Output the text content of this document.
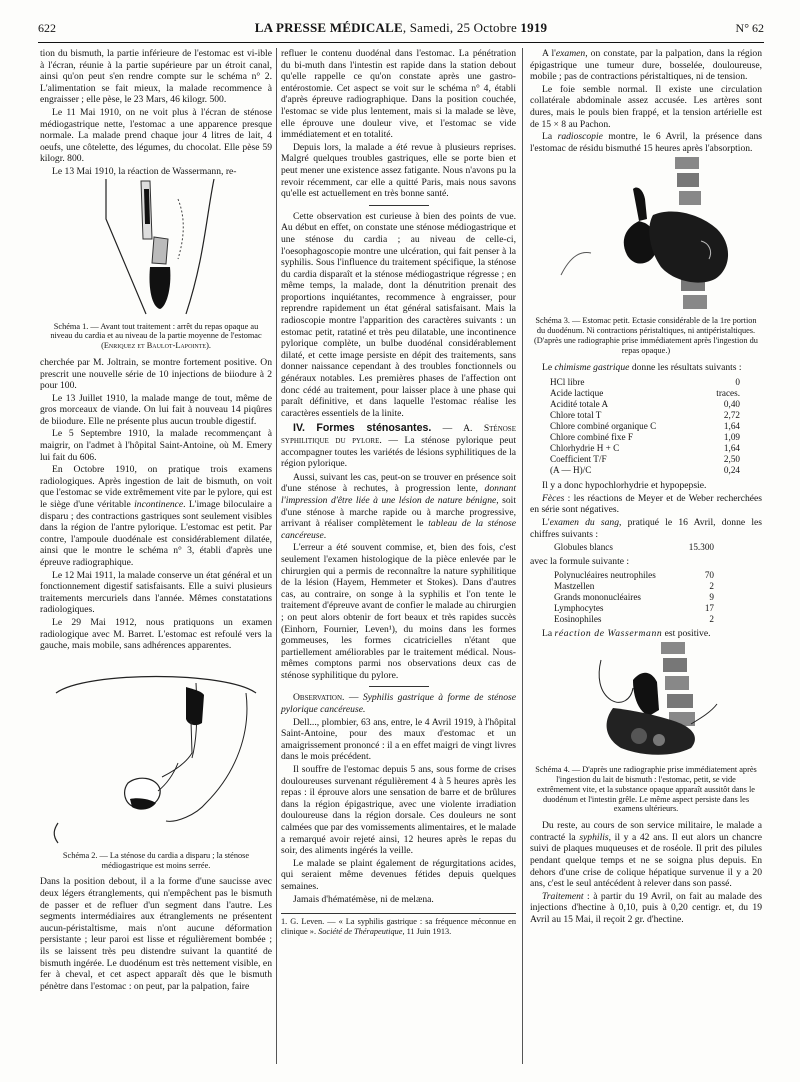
622	LA PRESSE MÉDICALE, Samedi, 25 Octobre 1919	N° 62

tion du bismuth, la partie inférieure de l'estomac est vi-ible à l'écran, réunie à la partie supérieure par un étroit canal, ainsi qu'on peut s'en rendre compte sur le schéma n° 2. L'alimentation se fait mieux, la malade recommence à engraisser ; elle pèse, le 23 Mars, 46 kilogr. 500.

Le 11 Mai 1910, on ne voit plus à l'écran de sténose médiogastrique nette, l'estomac a une apparence presque normale. La malade prend chaque jour 4 litres de lait, 4 oeufs, une côtelette, des légumes, du chocolat. Elle pèse 59 kilogr. 800.

Le 13 Mai 1910, la réaction de Wassermann, re-

Schéma 1. — Avant tout traitement : arrêt du repas opaque au niveau du cardia et au niveau de la partie moyenne de l'estomac (Enriquez et Baulot-Lapointe).

cherchée par M. Joltrain, se montre fortement positive. On prescrit une nouvelle série de 10 injections de biiodure à 2 pour 100.

Le 13 Juillet 1910, la malade mange de tout, même de gros morceaux de viande. On lui fait à nouveau 14 piqûres de biiodure. Elle ne présente plus aucun trouble digestif.

Le 5 Septembre 1910, la malade recommençant à maigrir, on l'admet à l'hôpital Saint-Antoine, où M. Emery lui fait du 606.

En Octobre 1910, on pratique trois examens radiologiques. Après ingestion de lait de bismuth, on voit que l'estomac se vide extrêmement vite par le pylore, qui est le siège d'une véritable incontinence. L'image biloculaire a disparu ; des contractions gastriques sont seulement visibles dans la région de l'antre pylorique. L'estomac est petit. Par contre, l'ampoule duodénale est considérablement dilatée, ainsi que le montre le schéma n° 3, établi d'après une épreuve radiographique.

Le 12 Mai 1911, la malade conserve un état général et un fonctionnement digestif satisfaisants. Elle a suivi plusieurs traitements mercuriels dans l'année. Mêmes constatations radiologiques.

Le 29 Mai 1912, nous pratiquons un examen radiologique avec M. Barret. L'estomac est refoulé vers la gauche, mais mobile, sans adhérences apparentes.

Schéma 2. — La sténose du cardia a disparu ; la sténose médiogastrique est moins serrée.

Dans la position debout, il a la forme d'une saucisse avec deux légers étranglements, qui n'empêchent pas le bismuth de passer et de refluer d'un segment dans l'autre. Les segments intermédiaires aux étranglements ne présentent aucun-péristaltisme, mais n'ont aucune déformation persistante ; leur paroi est lisse et régulièrement bombée ; ils se laissent très peu distendre suivant la quantité de bismuth ingérée. Le duodénum est très nettement visible, en fer à cheval, et cet aspect apparaît dès que le bismuth pénètre dans l'estomac : on peut, par la palpation, faire

refluer le contenu duodénal dans l'estomac. La pénétration du bi-muth dans l'intestin est rapide dans la station debout qu'elle rappelle ce qu'on constate après une gastro-entérostomie. Cet aspect se voit sur le schéma n° 4, établi d'après épreuve radiographique. Dans la position couchée, l'estomac se vide plus lentement, mais si la malade se lève, elle éprouve une douleur vive, et l'estomac se vide immédiatement et en totalité.

Depuis lors, la malade a été revue à plusieurs reprises. Malgré quelques troubles gastriques, elle se porte bien et peut mener une existence assez fatigante. Nous n'avons pu la revoir récemment, car elle a quitté Paris, mais nous savons qu'elle est actuellement en très bonne santé.

Cette observation est curieuse à bien des points de vue. Au début en effet, on constate une sténose médiogastrique et une sténose du cardia ; au niveau de celle-ci, l'oesophagoscopie montre une ulcération, qui fait penser à la syphilis. Sous l'influence du traitement spécifique, la sténose du cardia disparaît et la sténose médiogastrique régresse ; en même temps, la malade, dont la dénutrition prenait des proportions inquiétantes, recommence à engraisser, pour reprendre rapidement un état général satisfaisant. Mais la radioscopie montre l'apparition des caractères suivants : un estomac petit, ratatiné et très peu dilatable, une incontinence pylorique complète, un bulbe duodénal considérablement dilaté, et cette image persiste en dépit des traitements, sans donner naissance cependant à des troubles fonctionnels ou généraux notables. Les premières phases de l'affection ont donc cédé au traitement, pour laisser place à une phase qui paraît définitive, et dans laquelle l'estomac réalise les caractères essentiels de la linite.

IV. Formes sténosantes. — A. Sténose syphilitique du pylore. — La sténose pylorique peut accompagner toutes les variétés de lésions syphilitiques de la région pylorique.

Aussi, suivant les cas, peut-on se trouver en présence soit d'une sténose à rechutes, à progression lente, donnant l'impression d'être liée à une lésion de nature bénigne, soit d'une sténose à marche rapide ou à marche progressive, arrivant à réaliser complètement le tableau de la sténose cancéreuse.

L'erreur a été souvent commise, et, bien des fois, c'est seulement l'examen histologique de la pièce enlevée par le chirurgien qui a permis de reconnaître la nature syphilitique de la lésion (Hayem, Hemmeter et Stokes). Dans d'autres cas, au contraire, on songe à la syphilis et l'on tente le traitement d'épreuve avant de confier le malade au chirurgien ; on peut alors obtenir de fort beaux et très rapides succès (Einhorn, Fournier, Leven¹), du moins dans les formes gommeuses, les formes cicatricielles n'étant que partiellement améliorables par le traitement médical. Nous-mêmes comptons parmi nos observations deux cas de sténose syphilitique du pylore.

Observation. — Syphilis gastrique à forme de sténose pylorique cancéreuse.

Dell..., plombier, 63 ans, entre, le 4 Avril 1919, à l'hôpital Saint-Antoine, pour des maux d'estomac et un amaigrissement prononcé : il a en effet maigri de vingt livres dans le mois précédent.

Il souffre de l'estomac depuis 5 ans, sous forme de crises douloureuses survenant régulièrement 4 à 5 heures après les repas : il éprouve alors une sensation de barre et de brûlures dans la région épigastrique, avec une violente irradiation douloureuse dans la région dorsale. Ces douleurs ne sont calmées que par des vomissements alimentaires, et le malade a remarqué avoir rejeté ainsi, 12 heures après le repas du soir, des aliments ingérés la veille.

Le malade se plaint également de régurgitations acides, qui seraient même devenues fétides depuis quelques semaines.

Jamais d'hématémèse, ni de melæna.

1. G. Leven. — « La syphilis gastrique : sa fréquence méconnue en clinique ». Société de Thérapeutique, 11 Juin 1913.

A l'examen, on constate, par la palpation, dans la région épigastrique une tumeur dure, bosselée, douloureuse, mobile ; pas de contractions péristaltiques, ni de tension.

Le foie semble normal. Il existe une circulation collatérale abdominale assez accusée. Les artères sont dures, mais le pouls bien frappé, et la tension artérielle est de 15 × 8 au Pachon.

La radioscopie montre, le 6 Avril, la présence dans l'estomac de résidu bismuthé 15 heures après l'absorption.

Schéma 3. — Estomac petit. Ectasie considérable de la 1re portion du duodénum. Ni contractions péristaltiques, ni antipéristaltiques. (D'après une radiographie prise immédiatement après l'ingestion du repas opaque.)

Le chimisme gastrique donne les résultats suivants :

HCl libre	0
Acide lactique	traces.
Acidité totale A	0,40
Chlore total T	2,72
Chlore combiné organique C	1,64
Chlore combiné fixe F	1,09
Chlorhydrie H + C	1,64
Coefficient T/F	2,50
(A — H)/C	0,24

Il y a donc hypochlorhydrie et hypopepsie.

Fèces : les réactions de Meyer et de Weber recherchées en série sont négatives.

L'examen du sang, pratiqué le 16 Avril, donne les chiffres suivants :

Globules blancs	15.300

avec la formule suivante :

Polynucléaires neutrophiles	70
Mastzellen	2
Grands mononucléaires	9
Lymphocytes	17
Eosinophiles	2

La réaction de Wassermann est positive.

Schéma 4. — D'après une radiographie prise immédiatement après l'ingestion du lait de bismuth : l'estomac, petit, se vide extrêmement vite, et la substance opaque apparaît aussitôt dans le duodénum et l'intestin grêle. Le même aspect persiste dans les examens ultérieurs.

Du reste, au cours de son service militaire, le malade a contracté la syphilis, il y a 42 ans. Il eut alors un chancre suivi de plaques muqueuses et de roséole. Il prit des pilules pendant quelque temps et ne se soigna plus depuis. En dehors d'une crise de colique hépatique survenue il y a 20 ans, c'est le seul antécédent à relever dans son passé.

Traitement : à partir du 19 Avril, on fait au malade des injections d'hectine à 0,10, puis à 0,20 centigr. et, du 19 Avril au 15 Mai, il reçoit 2 gr. d'hectine.
